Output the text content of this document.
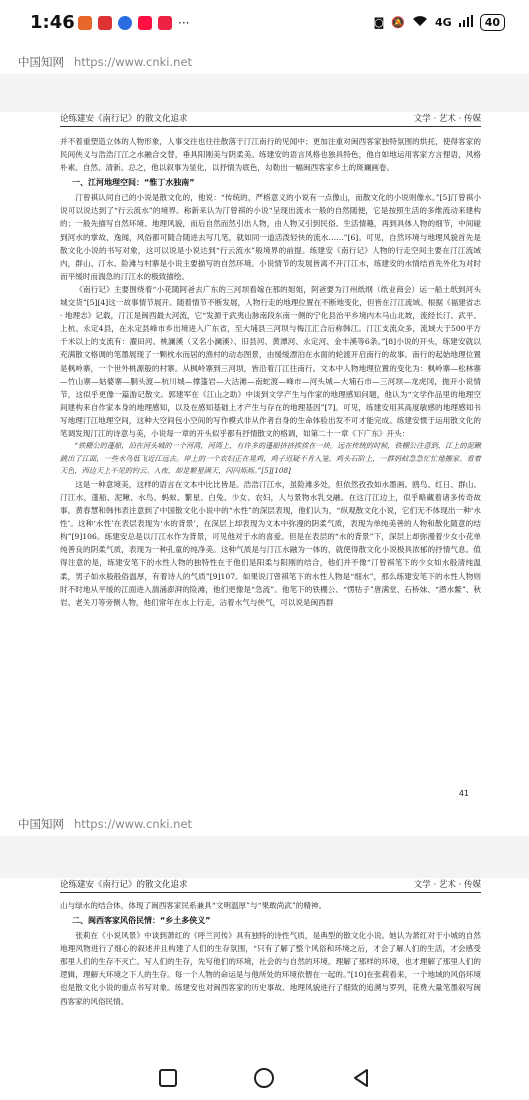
1:46	···	◙ 🔕	4G	40
中国知网 https://www.cnki.net
论练建安《南行记》的散文化追求	文学 · 艺术 · 传媒

并不着重塑造立体的人物形象，人事交往也往往散落于汀江南行的见闻中；更加注重对闽西客家独特氛围的烘托，使得客家的民间侠义与浩浩汀江之水融合交替，垂具阳刚美与阴柔美。练建安的语言风格也独具特色，他自如地运用客家方言俚语，风格朴素、自然、清新。总之，他以叙事为显化，以抒情为底色，勾勒出一幅闽西客家乡土的斑斓画卷。

一、江河地理空间：“惟丁水独南”

汀曾祺认同自己的小说是散文化的，他说：“传统的，严格意义的小说有一点像山，而散文化的小说则像水。”[5]汀曾祺小说可以说达到了“行云流水”的境界。称新来认为汀曾祺的小说“呈现出流水一般的自然随便，它是按照生活的多维流动来建构的；一般先描写自然环境、地理风貌，而后自然而然引出人物，由人物又引到民俗、生活情趣，再到具体人物的细节，中间碰到河水的掌故、逸闻，风俗都可随合随进去写几笔，就如同一道活泼轻快的流水……”[6]。可见，自然环境与地理风貌首先是散文化小说的书写对象，这可以说是小说达到“行云流水”般境界的前提。练建安《南行记》人物的行走空间主要在汀江流域内，群山、汀水、险滩与村寨是小说主要描写的自然环境。小说情节的发展皆离不开汀江水，练建安的水情结首先外化为对时而平缓时而湍急的汀江水的极致描绘。

《南行记》主要围绕着“小花随阿爸去广东的三河坝看嫁在那的姐姐，阿爸要为汀州纸纲（纸业商会）运一船土纸到河头城交货”[5][4]这一故事情节展开。随着情节不断发展，人物行走的地理位置在不断地变化，但皆在汀江流域。根据《福建省志 · 地理志》记载，汀江是闽西最大河流，它“发源于武夷山脉南段东南一侧的宁化县治平乡境内木马山北坡，流经长汀、武平、上杭、永定4县，在永定县峰市乡出境进入广东省，至大埔县三河坝与梅江汇合后称韩江。汀江支流众多，流域大于500平方千米以上的支流有：濯田河、桃澜溪（又名小澜溪）、旧县河、黄潭河、永定河、金丰溪等6条。”[8]小说的开头，练建安就以充满散文格调的笔墨展现了一颗枕水而居的渔村的动态图景，由缓缓漂泊在水面的轮渡开启南行的故事。南行的起始地理位置是枫岭寨，一个世外桃源般的村寨。从枫岭寨到三河坝，皆沿着汀江往南行。文本中人物地理位置的变化为：枫岭寨—松林寨—竹山寨—姑婆寨—胴头渡—杭川城—撑篷岩—大沽滩—南蛇渡—峰市—河头城—大埔石市—三河坝—龙虎冈，抛开小说情节，这似乎更像一篇游记散文。郭建军在《江山之助》中谈到文学产生与作家的地理感知问题，他认为“文学作品里的地理空间建构来自作家本身的地理感知，以及在感知基础上才产生与存在的地理基因”[7]。可见，练建安用其高度敏感的地理感知书写地理汀江地理空间，这种大空间包小空间的写作模式非从作者自身的生命体验出发不可才能完成。练建安惯于运用散文化的笔调发现汀江的诗意与美，小说每一章的开头似乎都有抒情散文的格调，如第二十一章《下广东》开头：

“铁棚公的蓬船，泊在河头城的一个河湾，河湾上，有许多的蓬船挤挤挨挨在一块。远在传统的时候，铁棚公注意到，江上的泥鳅跳出了江面，一些水鸟低飞近江远去。岸上的一个农妇正在晃鸡，鸡子迟疑不肯入笼。鸡头石阶上，一群妈蚁急急忙忙地搬家。看着天色，西边天上不见的钓云。入夜，却是繁星满天，闪闪烁烁。”[5][108]

这是一种意境美，这样的语言在文本中比比皆是。浩浩汀江水，虽险滩多处，但依然孜孜如水墨画。鸥鸟、红日、群山、汀江水、蓬船、泥鳅、水鸟、蚂蚁、繁星、白兔、少女、农妇，人与景物水乳交融。在这汀江边上，似乎略藏着诸多传奇故事。黄春慧和韩伟表注意到了中国散文化小说中的“水性”的深层表现，他们认为，“纵观散文化小说，它们无不体现出一种‘水性’。这种‘水性’在表层表现为‘水的背景’，在深层上却表现为文本中弥漫的阴柔气质，表现为单纯美善的人物和散化随意的结构”[9]106。练建安总是以汀江水作为背景，可见他对于水的喜爱。但是在表层的“水的背景”下，深层上却弥漫着少女小花单纯善良的阴柔气质，表现为一种孔童的纯净美。这种气质是与汀江水融为一体的，就使得散文化小说极具浓郁的抒情气息。值得注意的是，练建安笔下的水性人物的独特性在于他们是阳柔与阳刚的结合，他们并不像“汀曾祺笔下的少女如水般清纯温柔，男子如水般般俗温厚，有着诗人的气质”[9]107。如果说汀曾祺笔下的水性人物是“细水”，那么练建安笔下的水性人物则时不时地从平缓的江面进入湍涌澎湃的险滩，他们更像是“急流”。他笔下的铁棚公、“愣牯子”唐满堂、石桥妹、“潜水鳖”、秋岩、老关刀等旁侧人物，他们常年在水上行走，沾着水气与侠气，可以说是闽西群

41
中国知网 https://www.cnki.net
论练建安《南行记》的散文化追求	文学 · 艺术 · 传媒

山与绿水的结合体，体现了闽西客家民系兼具“文明温厚”与“果敢尚武”的精神。

二、闽西客家风俗民情：“乡土多侠义”

张莉在《小说风景》中谈到萧红的《呼兰河传》具有独特的诗性气质，是典型的散文化小说。她认为萧红对于小城的自然地理风物进行了细心的叙述并且构建了人们的生存氛围，“只有了解了整个风俗和环境之后，才会了解人们的生活，才会感受那里人们的生存不灭亡。写人们的生存，先写他们的环境，社会的与自然的环境。理解了那样的环境，也才理解了那里人们的逻辑，理解大环境之下人的生存。每一个人物的命运是与他所处的环境依偎在一起的。”[10]在张莉看来，一个地域的风俗环境也是散文化小说的重点书写对象。练建安也对闽西客家的历史事故、地理风貌进行了细致的追溯与罗列，花费大量笔墨叙写闽西客家的风俗民情。
